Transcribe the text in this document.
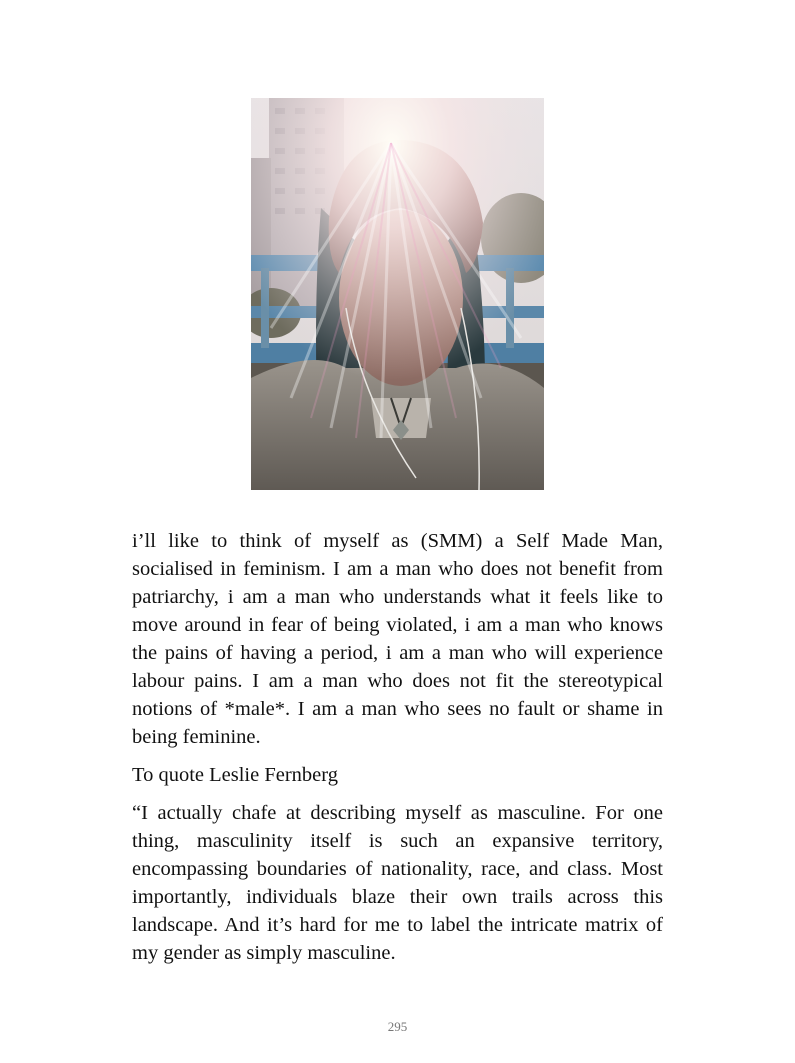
i’ll like to think of myself as (SMM) a Self Made Man, socialised in feminism. I am a man who does not benefit from patriarchy, i am a man who understands what it feels like to move around in fear of being violated, i am a man who knows the pains of having a period, i am a man who will experience labour pains. I am a man who does not fit the stereotypical notions of *male*. I am a man who sees no fault or shame in being feminine.

To quote Leslie Fernberg

“I actually chafe at describing myself as masculine. For one thing, masculinity itself is such an expansive territory, encompassing boundaries of nationality, race, and class. Most importantly, individuals blaze their own trails across this landscape. And it’s hard for me to label the intricate matrix of my gender as simply masculine.

295
